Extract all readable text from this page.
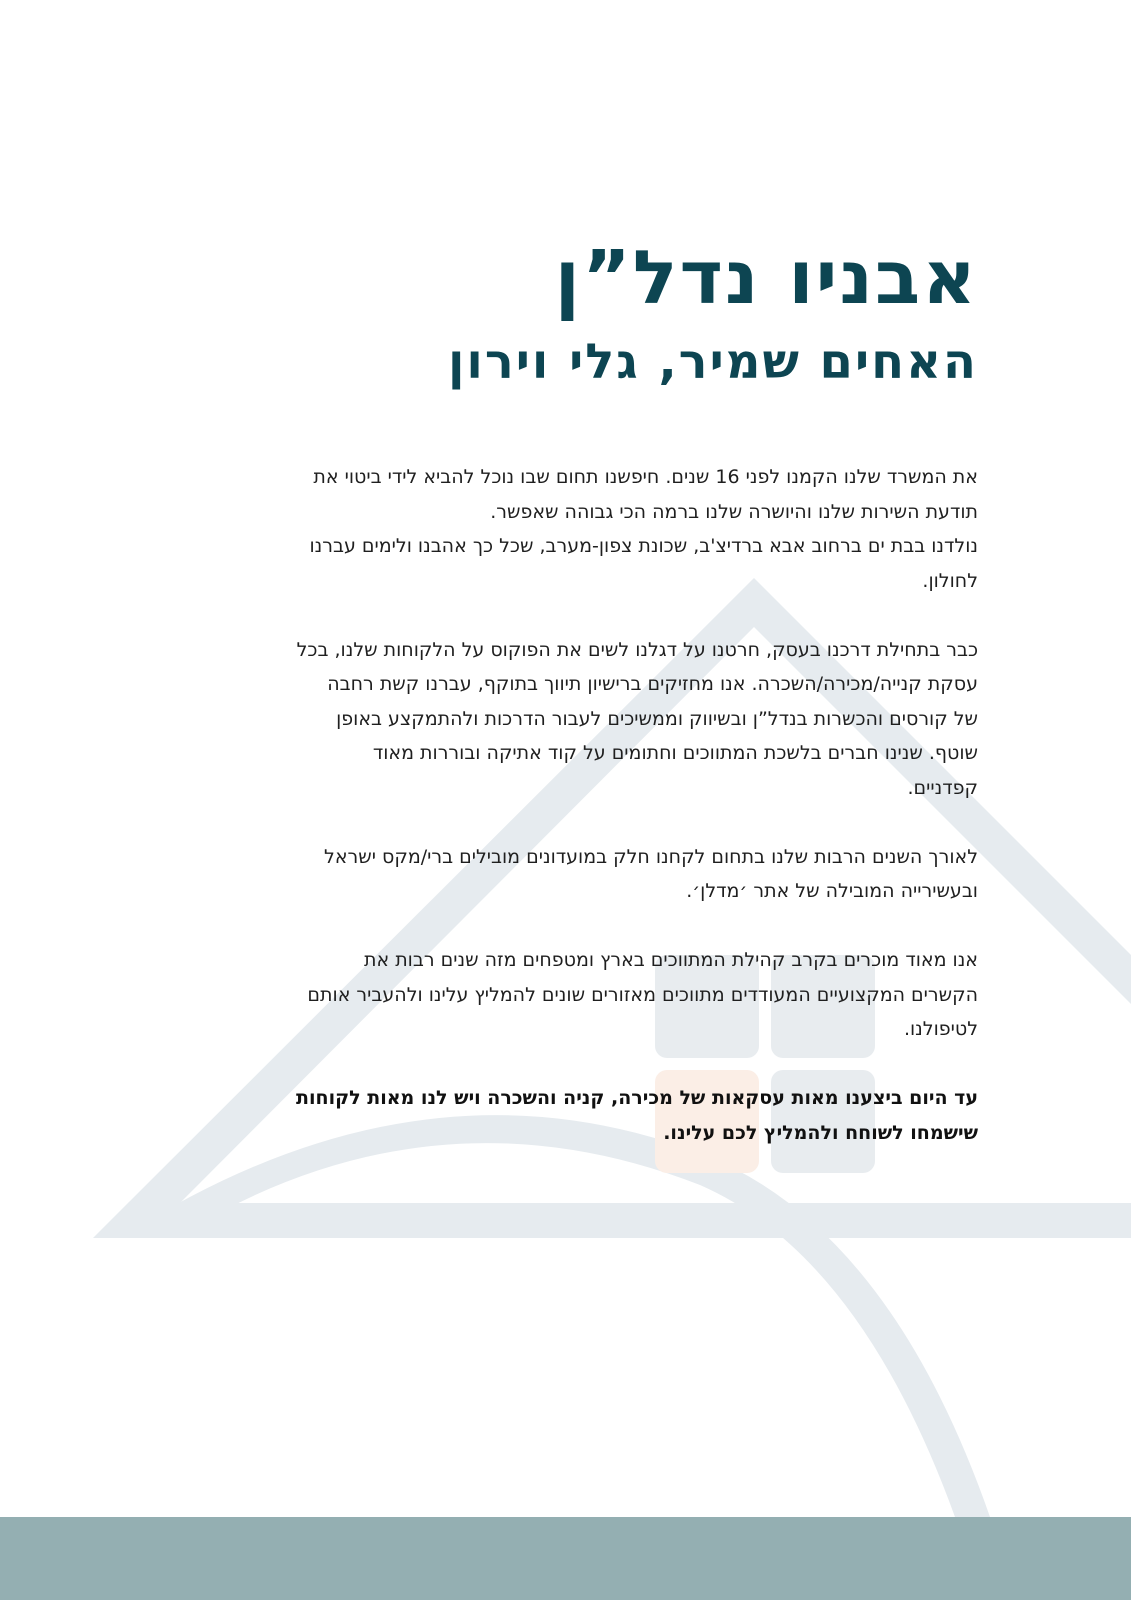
אבניו נדל”ן
האחים שמיר, גלי וירון

את המשרד שלנו הקמנו לפני 16 שנים. חיפשנו תחום שבו נוכל להביא לידי ביטוי את
תודעת השירות שלנו והיושרה שלנו ברמה הכי גבוהה שאפשר.
נולדנו בבת ים ברחוב אבא ברדיצ'ב, שכונת צפון-מערב, שכל כך אהבנו ולימים עברנו
לחולון.

כבר בתחילת דרכנו בעסק, חרטנו על דגלנו לשים את הפוקוס על הלקוחות שלנו, בכל
עסקת קנייה/מכירה/השכרה. אנו מחזיקים ברישיון תיווך בתוקף, עברנו קשת רחבה
של קורסים והכשרות בנדל”ן ובשיווק וממשיכים לעבור הדרכות ולהתמקצע באופן
שוטף. שנינו חברים בלשכת המתווכים וחתומים על קוד אתיקה ובוררות מאוד
קפדניים.

לאורך השנים הרבות שלנו בתחום לקחנו חלק במועדונים מובילים ברי/מקס ישראל
ובעשירייה המובילה של אתר ׳מדלן׳.

אנו מאוד מוכרים בקרב קהילת המתווכים בארץ ומטפחים מזה שנים רבות את
הקשרים המקצועיים המעודדים מתווכים מאזורים שונים להמליץ עלינו ולהעביר אותם
לטיפולנו.

עד היום ביצענו מאות עסקאות של מכירה, קניה והשכרה ויש לנו מאות לקוחות
שישמחו לשוחח ולהמליץ לכם עלינו.
